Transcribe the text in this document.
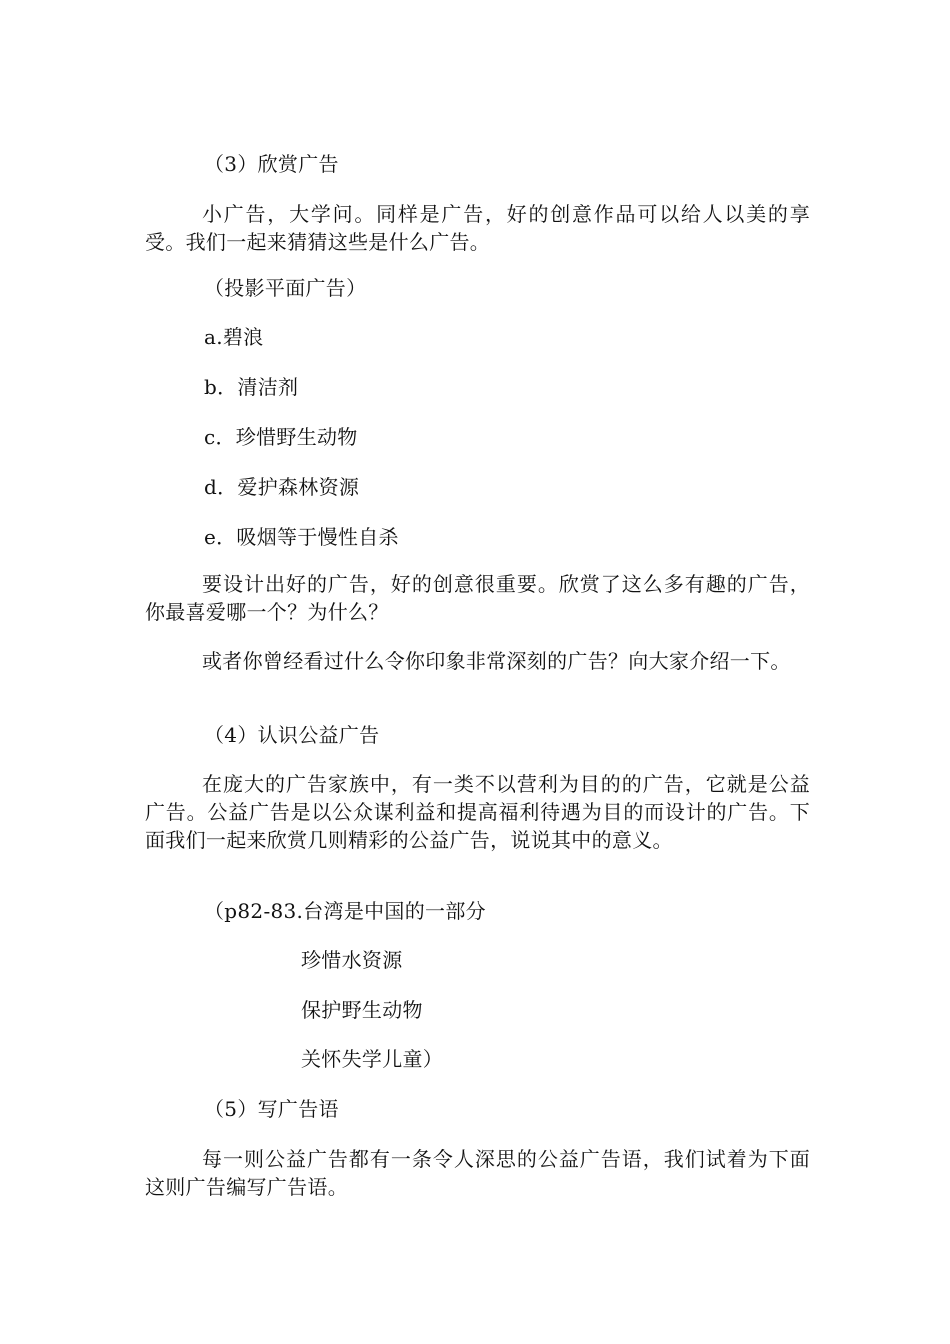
（3）欣赏广告
小广告，大学问。同样是广告，好的创意作品可以给人以美的享受。我们一起来猜猜这些是什么广告。
（投影平面广告）
a.碧浪
b．清洁剂
c．珍惜野生动物
d．爱护森林资源
e．吸烟等于慢性自杀
要设计出好的广告，好的创意很重要。欣赏了这么多有趣的广告，你最喜爱哪一个？为什么？
或者你曾经看过什么令你印象非常深刻的广告？向大家介绍一下。
（4）认识公益广告
在庞大的广告家族中，有一类不以营利为目的的广告，它就是公益广告。公益广告是以公众谋利益和提高福利待遇为目的而设计的广告。下面我们一起来欣赏几则精彩的公益广告，说说其中的意义。
（p82-83.台湾是中国的一部分
珍惜水资源
保护野生动物
关怀失学儿童）
（5）写广告语
每一则公益广告都有一条令人深思的公益广告语，我们试着为下面这则广告编写广告语。
